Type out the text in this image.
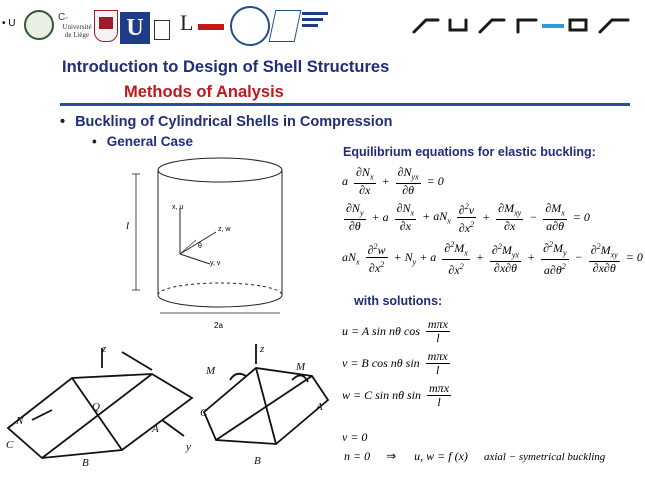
• U
C◦
Université
de Liège U L
Introduction to Design of Shell Structures
Methods of Analysis
• Buckling of Cylindrical Shells in Compression
• General Case
x, u
z, w
y, v
θ
l
2a
z
N
Q
A
B
C	y
z
M	M
A
B
C
Equilibrium equations for elastic buckling:
a $\frac{\partial N_x}{\partial x} + \frac{\partial N_{yx}}{\partial\theta} = 0$
$\frac{\partial N_y}{\partial\theta} + a \frac{\partial N_x}{\partial x} + aN_x \frac{\partial^2v}{\partial x^2} + \frac{\partial M_{xy}}{\partial x} - \frac{\partial M_x}{a\partial\theta} = 0$
$aN_x \frac{\partial^2w}{\partial x^2} + N_y + a \frac{\partial^2M_x}{\partial x^2} + \frac{\partial^2M_{yx}}{\partial x\partial\theta} + \frac{\partial^2M_y}{a\partial\theta^2} - \frac{\partial^2M_{xy}}{\partial x\partial\theta} = 0$
with solutions:
u = A sin nθ $\cos \frac{\text{mπx}}{l}$
v = B cos nθ $\sin \frac{\text{mπx}}{l}$
w = C sin nθ $\sin \frac{\text{mπx}}{l}$
v = 0
n = 0 ⇒ u, w = f (x) axial − symetrical buckling
